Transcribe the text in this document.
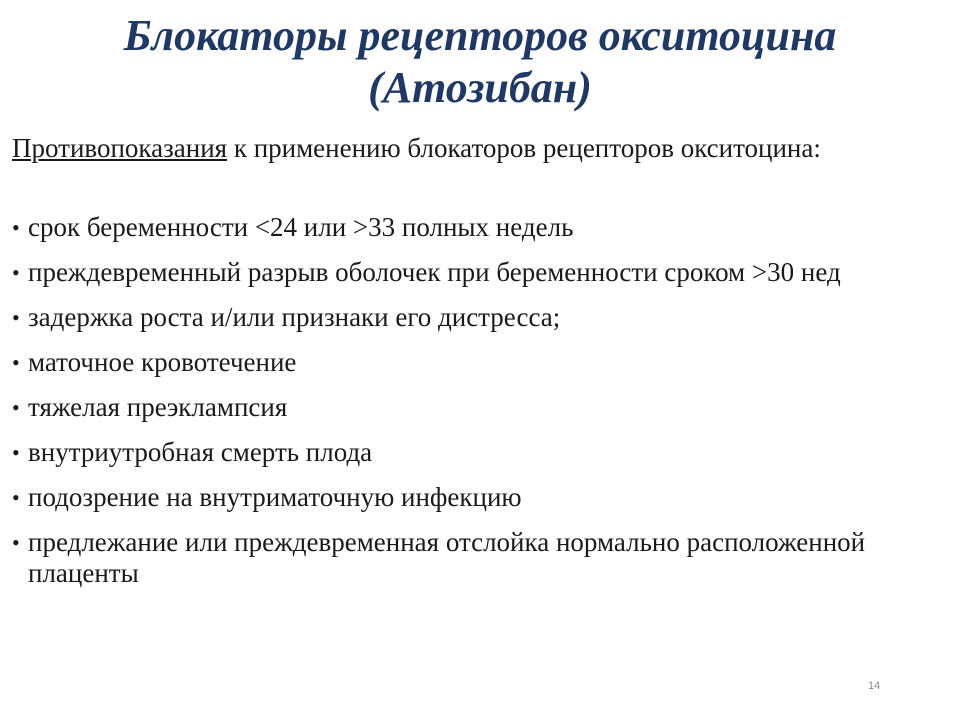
Блокаторы рецепторов окситоцина
(Атозибан)

Противопоказания к применению блокаторов рецепторов окситоцина:

• срок беременности <24 или >33 полных недель
• преждевременный разрыв оболочек при беременности сроком >30 нед
• задержка роста и/или признаки его дистресса;
• маточное кровотечение
• тяжелая преэклампсия
• внутриутробная смерть плода
• подозрение на внутриматочную инфекцию
• предлежание или преждевременная отслойка нормально расположенной плаценты
14
